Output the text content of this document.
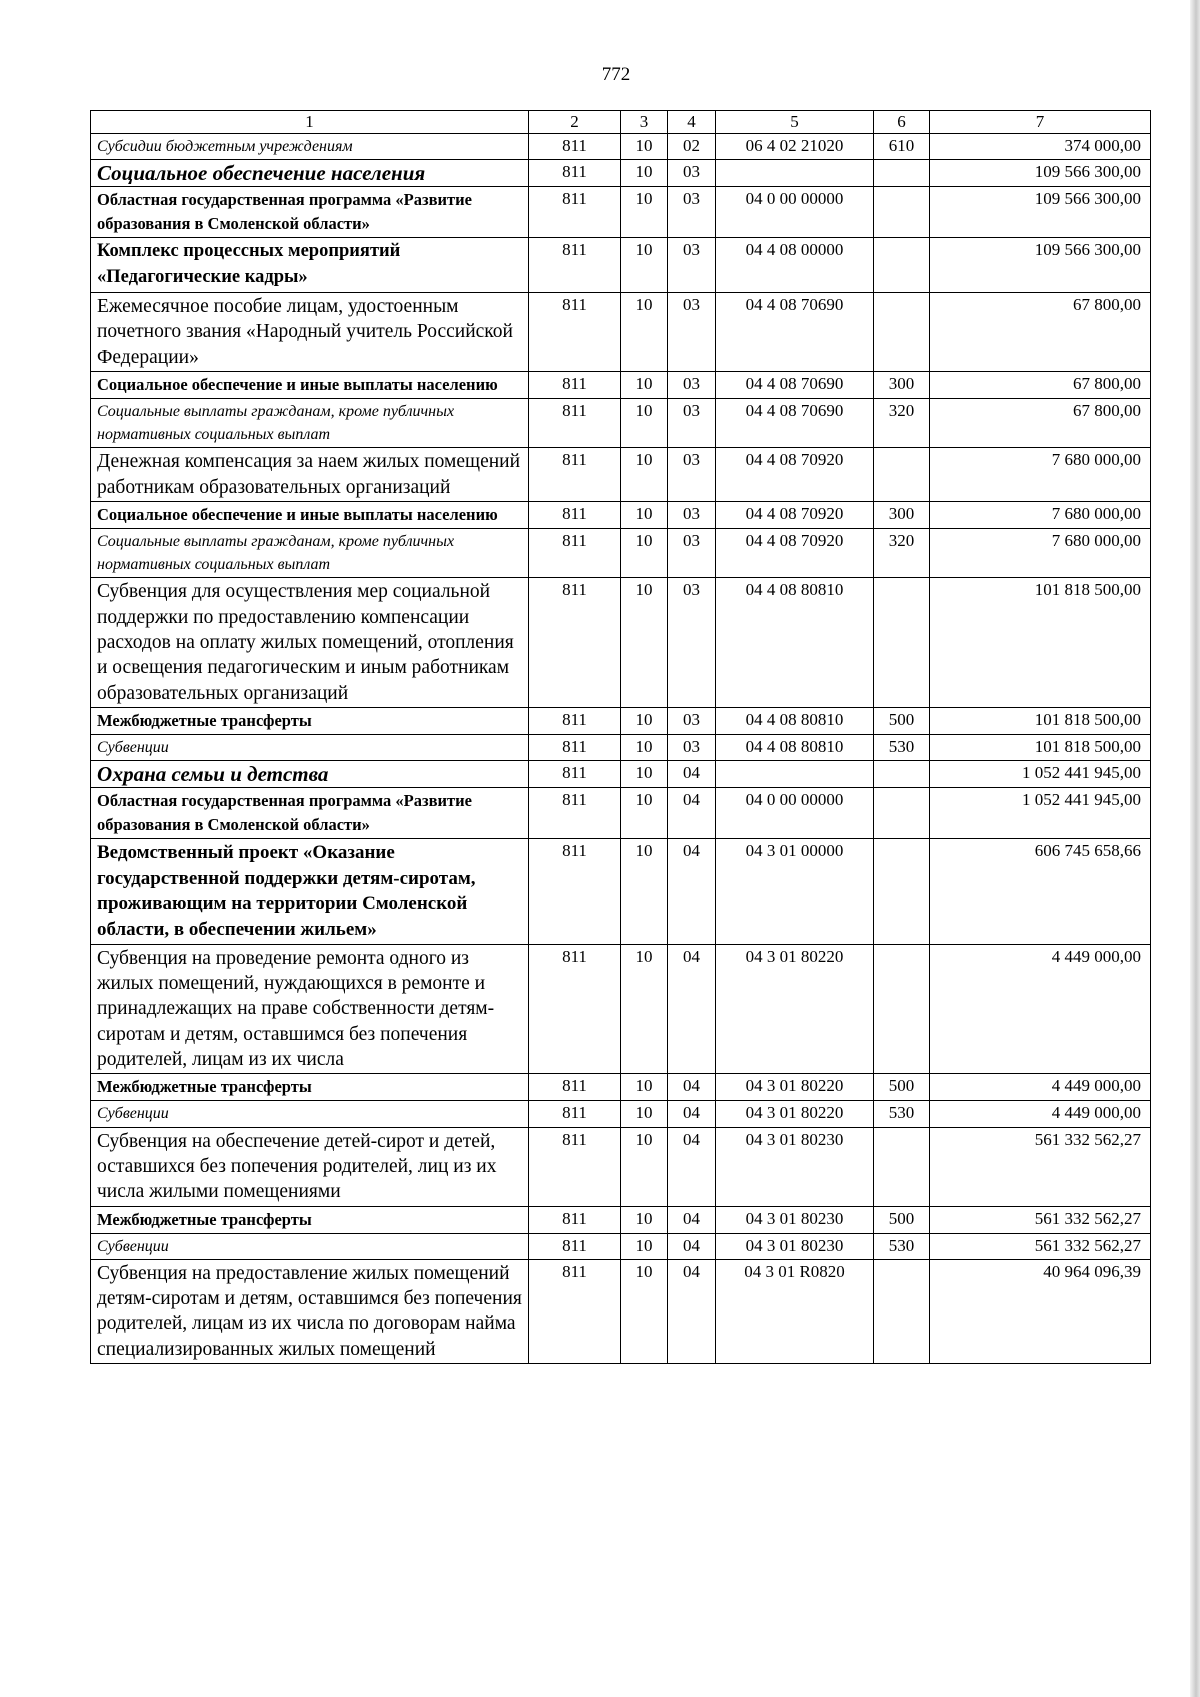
772
1	2	3	4	5	6	7
Субсидии бюджетным учреждениям	811	10	02	06 4 02 21020	610	374 000,00
Социальное обеспечение населения	811	10	03			109 566 300,00
Областная государственная программа «Развитие образования в Смоленской области»	811	10	03	04 0 00 00000		109 566 300,00
Комплекс процессных мероприятий «Педагогические кадры»	811	10	03	04 4 08 00000		109 566 300,00
Ежемесячное пособие лицам, удостоенным почетного звания «Народный учитель Российской Федерации»	811	10	03	04 4 08 70690		67 800,00
Социальное обеспечение и иные выплаты населению	811	10	03	04 4 08 70690	300	67 800,00
Социальные выплаты гражданам, кроме публичных нормативных социальных выплат	811	10	03	04 4 08 70690	320	67 800,00
Денежная компенсация за наем жилых помещений работникам образовательных организаций	811	10	03	04 4 08 70920		7 680 000,00
Социальное обеспечение и иные выплаты населению	811	10	03	04 4 08 70920	300	7 680 000,00
Социальные выплаты гражданам, кроме публичных нормативных социальных выплат	811	10	03	04 4 08 70920	320	7 680 000,00
Субвенция для осуществления мер социальной поддержки по предоставлению компенсации расходов на оплату жилых помещений, отопления и освещения педагогическим и иным работникам образовательных организаций	811	10	03	04 4 08 80810		101 818 500,00
Межбюджетные трансферты	811	10	03	04 4 08 80810	500	101 818 500,00
Субвенции	811	10	03	04 4 08 80810	530	101 818 500,00
Охрана семьи и детства	811	10	04			1 052 441 945,00
Областная государственная программа «Развитие образования в Смоленской области»	811	10	04	04 0 00 00000		1 052 441 945,00
Ведомственный проект «Оказание государственной поддержки детям-сиротам, проживающим на территории Смоленской области, в обеспечении жильем»	811	10	04	04 3 01 00000		606 745 658,66
Субвенция на проведение ремонта одного из жилых помещений, нуждающихся в ремонте и принадлежащих на праве собственности детям-сиротам и детям, оставшимся без попечения родителей, лицам из их числа	811	10	04	04 3 01 80220		4 449 000,00
Межбюджетные трансферты	811	10	04	04 3 01 80220	500	4 449 000,00
Субвенции	811	10	04	04 3 01 80220	530	4 449 000,00
Субвенция на обеспечение детей-сирот и детей, оставшихся без попечения родителей, лиц из их числа жилыми помещениями	811	10	04	04 3 01 80230		561 332 562,27
Межбюджетные трансферты	811	10	04	04 3 01 80230	500	561 332 562,27
Субвенции	811	10	04	04 3 01 80230	530	561 332 562,27
Субвенция на предоставление жилых помещений детям-сиротам и детям, оставшимся без попечения родителей, лицам из их числа по договорам найма специализированных жилых помещений	811	10	04	04 3 01 R0820		40 964 096,39
